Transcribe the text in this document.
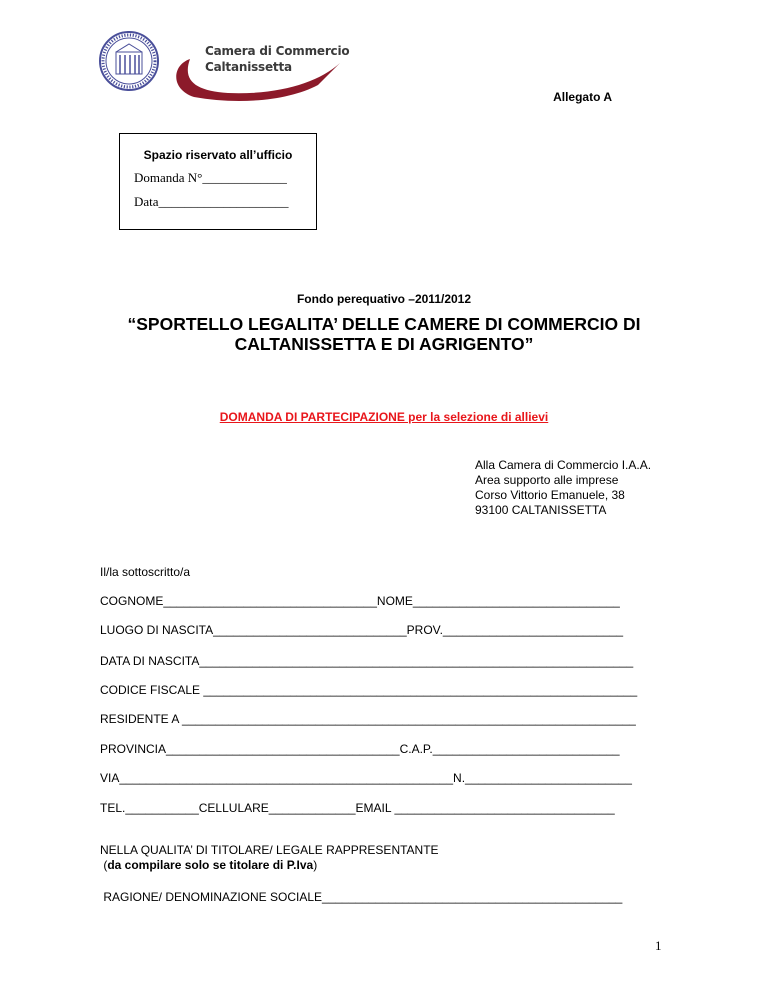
Camera di Commercio
Caltanissetta
Allegato A
Spazio riservato all’ufficio
Domanda N°_____________
Data____________________
Fondo perequativo –2011/2012
“SPORTELLO LEGALITA’ DELLE CAMERE DI COMMERCIO DI
CALTANISSETTA E DI AGRIGENTO”
DOMANDA DI PARTECIPAZIONE per la selezione di allievi
Alla Camera di Commercio I.A.A.
Area supporto alle imprese
Corso Vittorio Emanuele, 38
93100 CALTANISSETTA
Il/la sottoscritto/a
COGNOME________________________________NOME_______________________________
LUOGO DI NASCITA_____________________________PROV.___________________________
DATA DI NASCITA_________________________________________________________________
CODICE FISCALE _________________________________________________________________
RESIDENTE A ____________________________________________________________________
PROVINCIA___________________________________C.A.P.____________________________
VIA__________________________________________________N._________________________
TEL.___________CELLULARE_____________EMAIL _________________________________
NELLA QUALITA’ DI TITOLARE/ LEGALE RAPPRESENTANTE
(da compilare solo se titolare di P.Iva)
RAGIONE/ DENOMINAZIONE SOCIALE_____________________________________________
1
